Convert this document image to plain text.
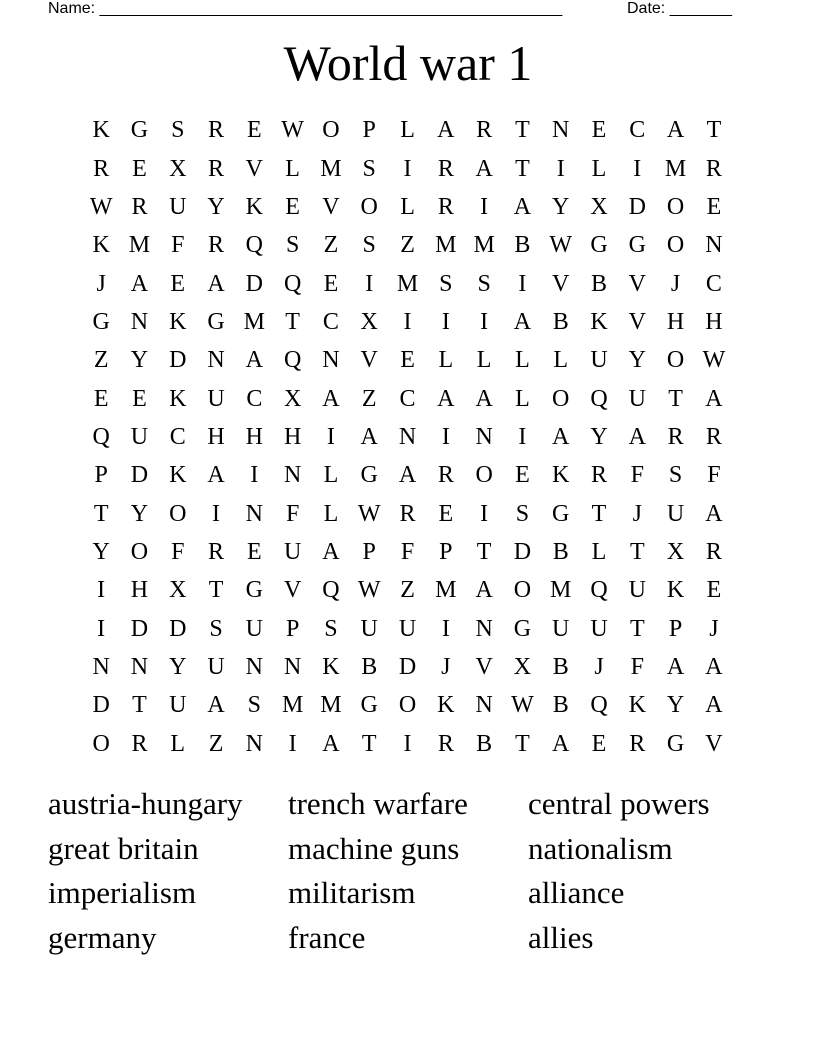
Name: ____________________________________________________	Date: _______
World war 1
K G S R E W O P	L A R T N E C A T
R E X R V L M S	I	R A T	I	L	I M R
W R U Y K E V O L R	I	A Y X D O E
K M F R Q S	Z	S	Z M M B W G G O N
J	A E A D Q E	I M S	S	I	V B V	J	C
G N K G M T C X	I	I	I	A B K V H H
Z Y D N A Q N V E L L L L U Y O W
E E K U C X A Z C A A L O Q U T A
Q U C H H H	I	A N	I	N	I	A Y A R R
P D K A	I	N L G A R O E K R F	S	F
T Y O	I	N F	L W R E	I	S G T	J	U A
Y O F R E U A P	F	P	T D B L T X R
I	H X T G V Q W Z M A O M Q U K E
I	D D S U P	S U U	I	N G U U T	P	J
N N Y U N N K B D	J	V X B	J	F A A
D T U A S M M G O K N W B Q K Y A
O R L Z N	I	A T	I	R B T A E R G V
austria-hungary	trench warfare	central powers
great britain	machine guns	nationalism
imperialism	militarism	alliance
germany	france	allies
